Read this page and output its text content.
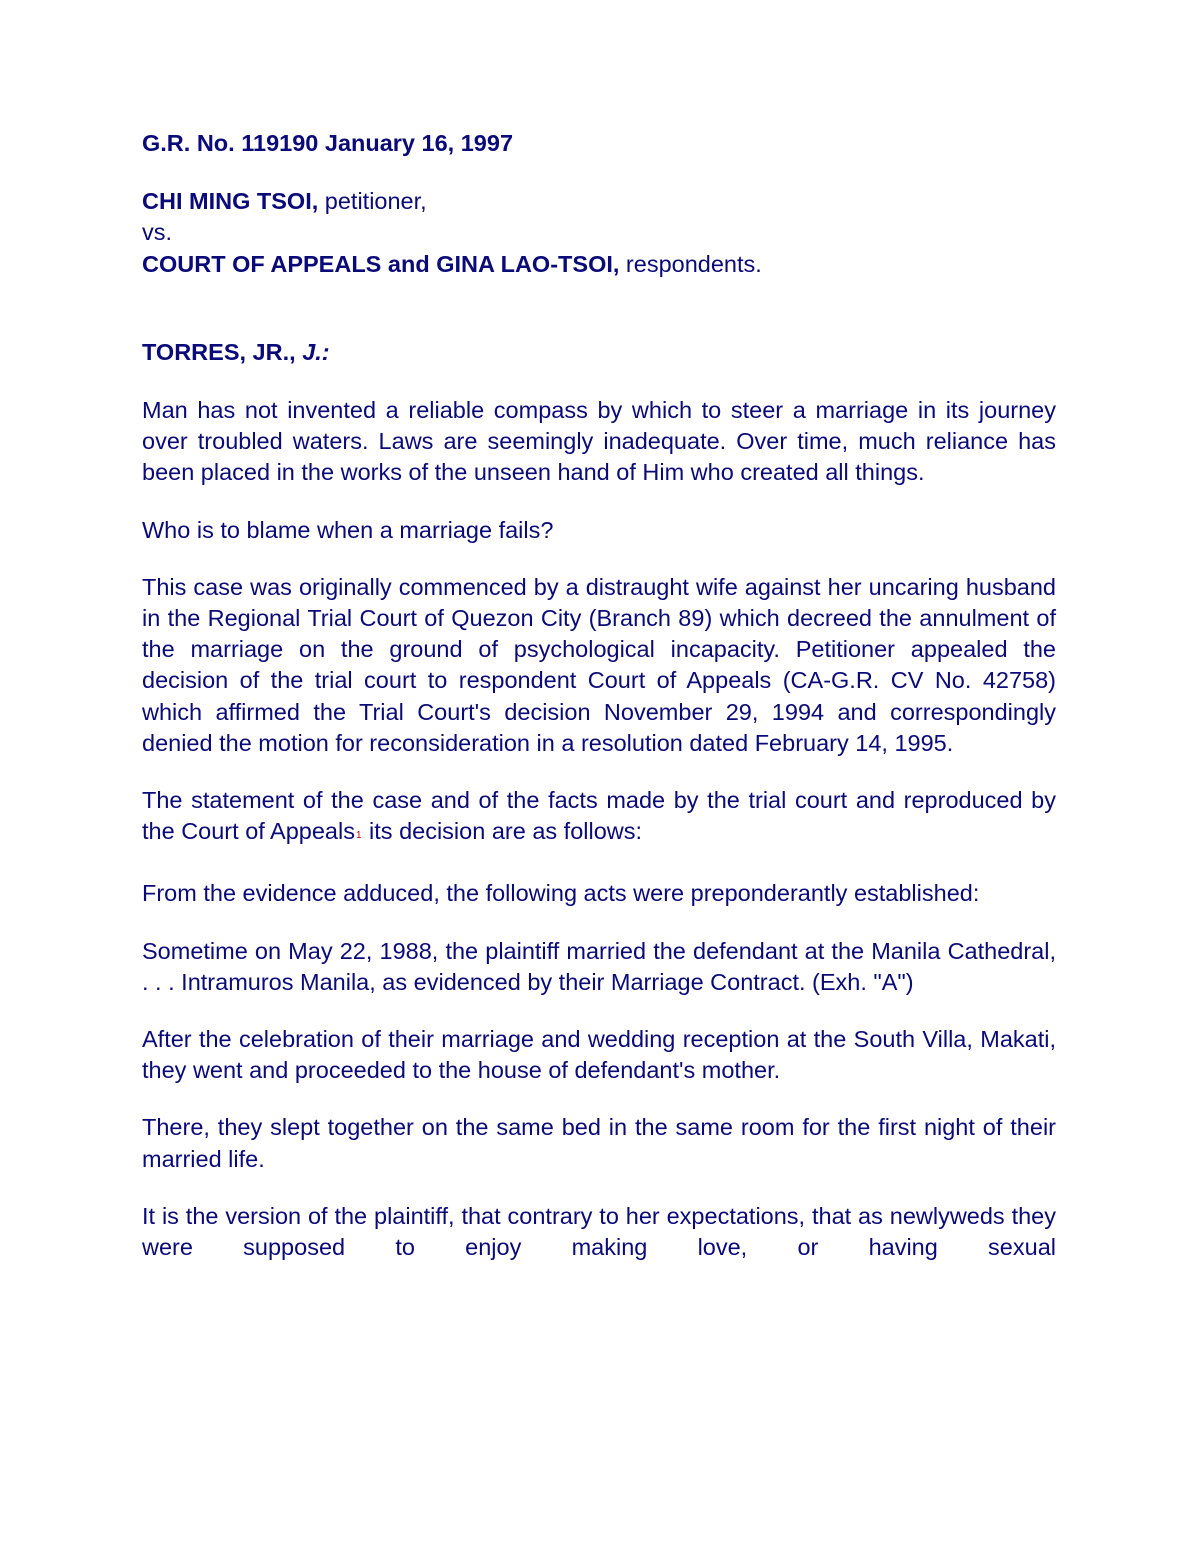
G.R. No. 119190 January 16, 1997

CHI MING TSOI, petitioner,

vs.

COURT OF APPEALS and GINA LAO-TSOI, respondents.

TORRES, JR., J.:

Man has not invented a reliable compass by which to steer a marriage in its journey over troubled waters. Laws are seemingly inadequate. Over time, much reliance has been placed in the works of the unseen hand of Him who created all things.

Who is to blame when a marriage fails?

This case was originally commenced by a distraught wife against her uncaring husband in the Regional Trial Court of Quezon City (Branch 89) which decreed the annulment of the marriage on the ground of psychological incapacity. Petitioner appealed the decision of the trial court to respondent Court of Appeals (CA-G.R. CV No. 42758) which affirmed the Trial Court's decision November 29, 1994 and correspondingly denied the motion for reconsideration in a resolution dated February 14, 1995.

The statement of the case and of the facts made by the trial court and reproduced by the Court of Appeals$^1$ its decision are as follows:

From the evidence adduced, the following acts were preponderantly established:

Sometime on May 22, 1988, the plaintiff married the defendant at the Manila Cathedral, . . . Intramuros Manila, as evidenced by their Marriage Contract. (Exh. "A")

After the celebration of their marriage and wedding reception at the South Villa, Makati, they went and proceeded to the house of defendant's mother.

There, they slept together on the same bed in the same room for the first night of their married life.

It is the version of the plaintiff, that contrary to her expectations, that as newlyweds they were supposed to enjoy making love, or having sexual
